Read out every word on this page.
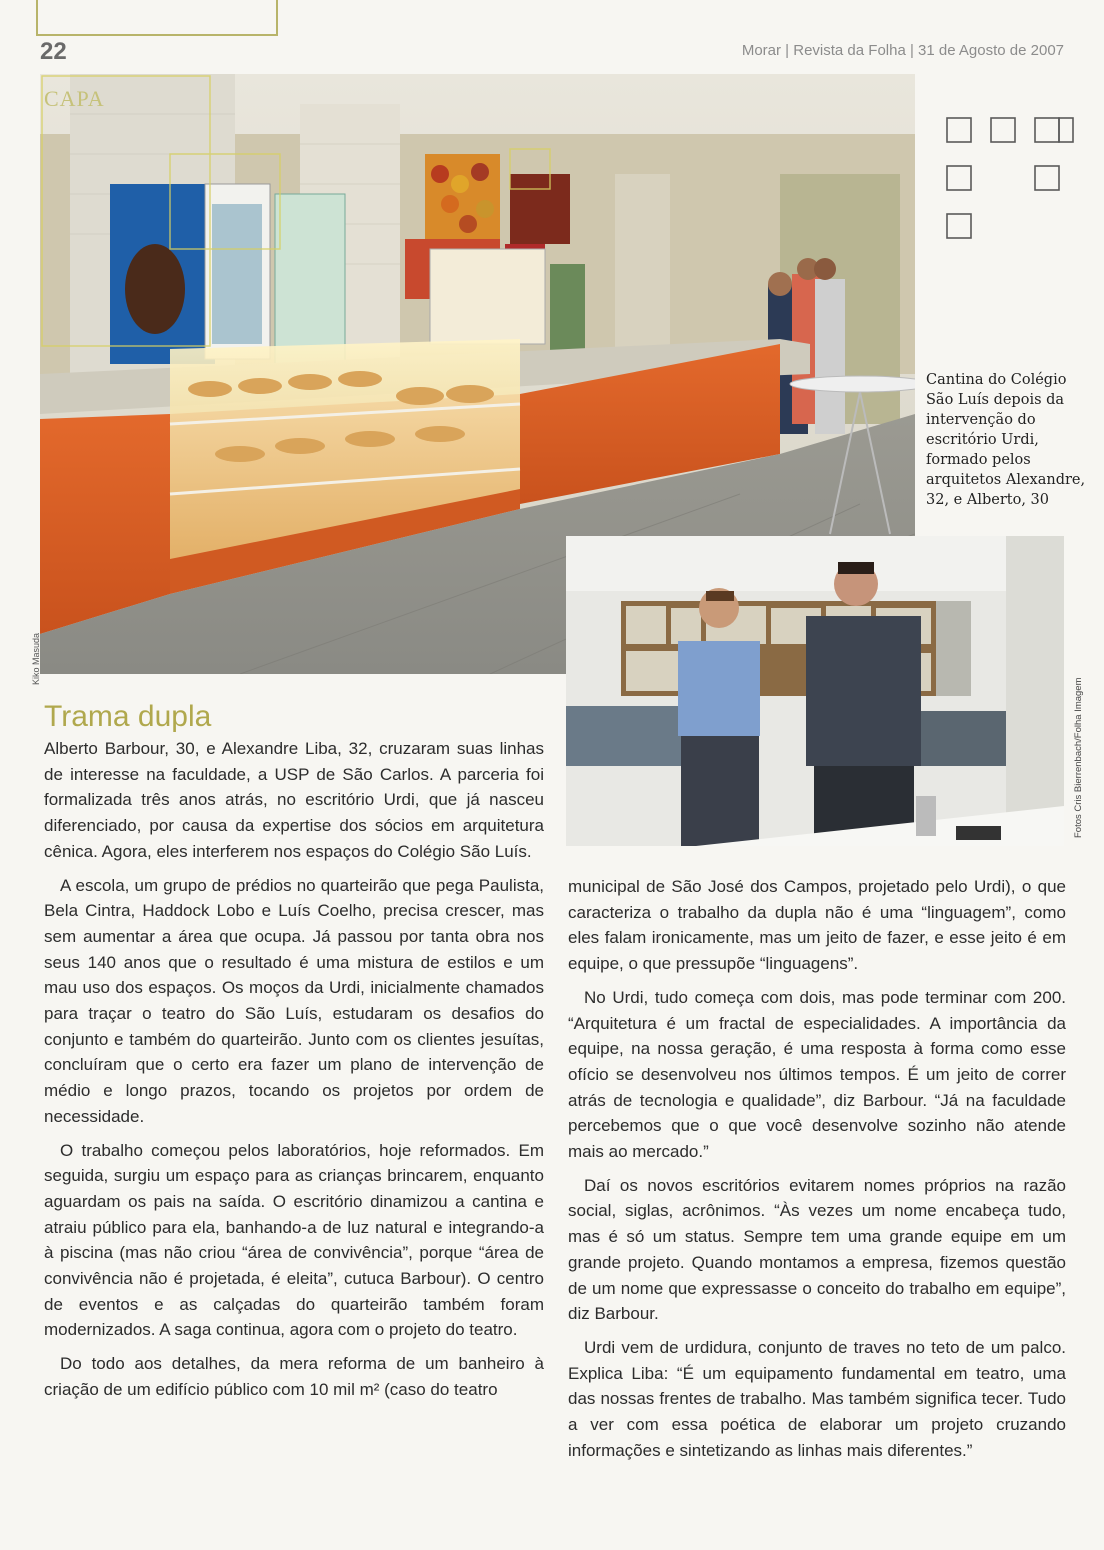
22	Morar | Revista da Folha | 31 de Agosto de 2007
CAPA
Kiko Masuda
Cantina do Colégio São Luís depois da intervenção do escritório Urdi, formado pelos arquitetos Alexandre, 32, e Alberto, 30
Fotos Cris Bierrenbach/Folha Imagem
Trama dupla

Alberto Barbour, 30, e Alexandre Liba, 32, cruzaram suas linhas de interesse na faculdade, a USP de São Carlos. A parceria foi formalizada três anos atrás, no escritório Urdi, que já nasceu diferenciado, por causa da expertise dos sócios em arquitetura cênica. Agora, eles interferem nos espaços do Colégio São Luís.

A escola, um grupo de prédios no quarteirão que pega Paulista, Bela Cintra, Haddock Lobo e Luís Coelho, precisa crescer, mas sem aumentar a área que ocupa. Já passou por tanta obra nos seus 140 anos que o resultado é uma mistura de estilos e um mau uso dos espaços. Os moços da Urdi, inicialmente chamados para traçar o teatro do São Luís, estudaram os desafios do conjunto e também do quarteirão. Junto com os clientes jesuítas, concluíram que o certo era fazer um plano de intervenção de médio e longo prazos, tocando os projetos por ordem de necessidade.

O trabalho começou pelos laboratórios, hoje reformados. Em seguida, surgiu um espaço para as crianças brincarem, enquanto aguardam os pais na saída. O escritório dinamizou a cantina e atraiu público para ela, banhando-a de luz natural e integrando-a à piscina (mas não criou “área de convivência”, porque “área de convivência não é projetada, é eleita”, cutuca Barbour). O centro de eventos e as calçadas do quarteirão também foram modernizados. A saga continua, agora com o projeto do teatro.

Do todo aos detalhes, da mera reforma de um banheiro à criação de um edifício público com 10 mil m² (caso do teatro

municipal de São José dos Campos, projetado pelo Urdi), o que caracteriza o trabalho da dupla não é uma “linguagem”, como eles falam ironicamente, mas um jeito de fazer, e esse jeito é em equipe, o que pressupõe “linguagens”.

No Urdi, tudo começa com dois, mas pode terminar com 200. “Arquitetura é um fractal de especialidades. A importância da equipe, na nossa geração, é uma resposta à forma como esse ofício se desenvolveu nos últimos tempos. É um jeito de correr atrás de tecnologia e qualidade”, diz Barbour. “Já na faculdade percebemos que o que você desenvolve sozinho não atende mais ao mercado.”

Daí os novos escritórios evitarem nomes próprios na razão social, siglas, acrônimos. “Às vezes um nome encabeça tudo, mas é só um status. Sempre tem uma grande equipe em um grande projeto. Quando montamos a empresa, fizemos questão de um nome que expressasse o conceito do trabalho em equipe”, diz Barbour.

Urdi vem de urdidura, conjunto de traves no teto de um palco. Explica Liba: “É um equipamento fundamental em teatro, uma das nossas frentes de trabalho. Mas também significa tecer. Tudo a ver com essa poética de elaborar um projeto cruzando informações e sintetizando as linhas mais diferentes.”
